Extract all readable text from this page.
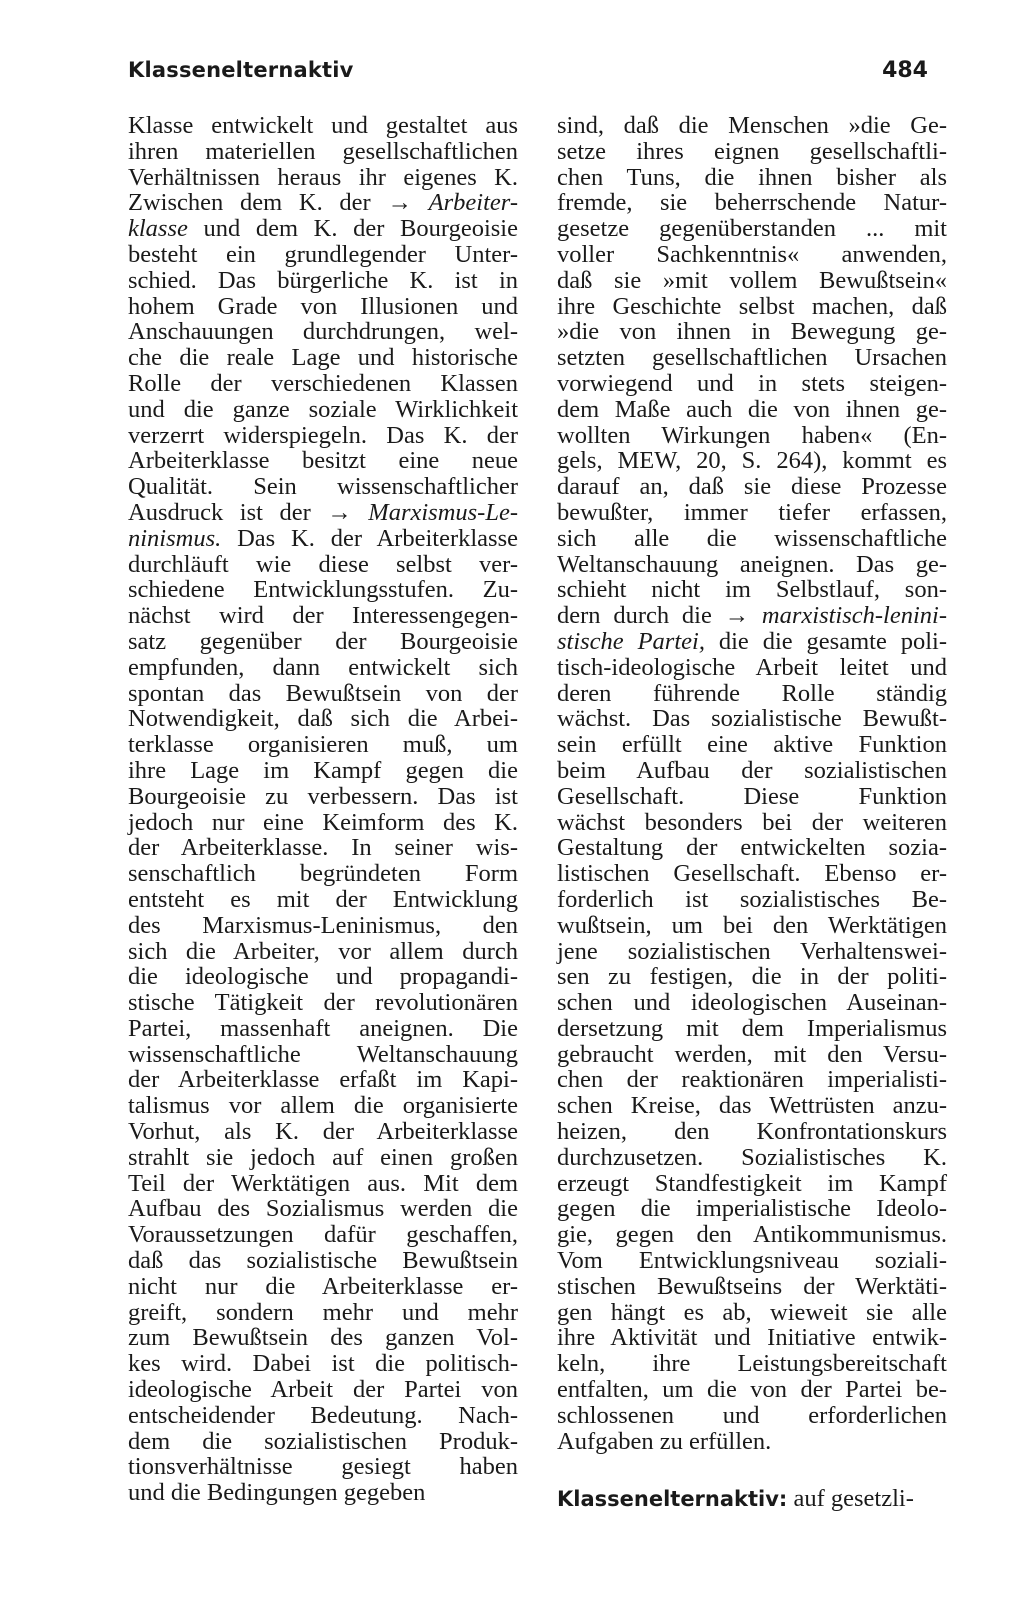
Klassenelternaktiv	484
Klasse entwickelt und gestaltet aus
ihren materiellen gesellschaftlichen
Verhältnissen heraus ihr eigenes K.
Zwischen dem K. der → Arbeiter-
klasse und dem K. der Bourgeoisie
besteht ein grundlegender Unter-
schied. Das bürgerliche K. ist in
hohem Grade von Illusionen und
Anschauungen durchdrungen, wel-
che die reale Lage und historische
Rolle der verschiedenen Klassen
und die ganze soziale Wirklichkeit
verzerrt widerspiegeln. Das K. der
Arbeiterklasse besitzt eine neue
Qualität. Sein wissenschaftlicher
Ausdruck ist der → Marxismus-Le-
ninismus. Das K. der Arbeiterklasse
durchläuft wie diese selbst ver-
schiedene Entwicklungsstufen. Zu-
nächst wird der Interessengegen-
satz gegenüber der Bourgeoisie
empfunden, dann entwickelt sich
spontan das Bewußtsein von der
Notwendigkeit, daß sich die Arbei-
terklasse organisieren muß, um
ihre Lage im Kampf gegen die
Bourgeoisie zu verbessern. Das ist
jedoch nur eine Keimform des K.
der Arbeiterklasse. In seiner wis-
senschaftlich begründeten Form
entsteht es mit der Entwicklung
des Marxismus-Leninismus, den
sich die Arbeiter, vor allem durch
die ideologische und propagandi-
stische Tätigkeit der revolutionären
Partei, massenhaft aneignen. Die
wissenschaftliche Weltanschauung
der Arbeiterklasse erfaßt im Kapi-
talismus vor allem die organisierte
Vorhut, als K. der Arbeiterklasse
strahlt sie jedoch auf einen großen
Teil der Werktätigen aus. Mit dem
Aufbau des Sozialismus werden die
Voraussetzungen dafür geschaffen,
daß das sozialistische Bewußtsein
nicht nur die Arbeiterklasse er-
greift, sondern mehr und mehr
zum Bewußtsein des ganzen Vol-
kes wird. Dabei ist die politisch-
ideologische Arbeit der Partei von
entscheidender Bedeutung. Nach-
dem die sozialistischen Produk-
tionsverhältnisse gesiegt haben
und die Bedingungen gegeben
sind, daß die Menschen »die Ge-
setze ihres eignen gesellschaftli-
chen Tuns, die ihnen bisher als
fremde, sie beherrschende Natur-
gesetze gegenüberstanden ... mit
voller Sachkenntnis« anwenden,
daß sie »mit vollem Bewußtsein«
ihre Geschichte selbst machen, daß
»die von ihnen in Bewegung ge-
setzten gesellschaftlichen Ursachen
vorwiegend und in stets steigen-
dem Maße auch die von ihnen ge-
wollten Wirkungen haben« (En-
gels, MEW, 20, S. 264), kommt es
darauf an, daß sie diese Prozesse
bewußter, immer tiefer erfassen,
sich alle die wissenschaftliche
Weltanschauung aneignen. Das ge-
schieht nicht im Selbstlauf, son-
dern durch die → marxistisch-lenini-
stische Partei, die die gesamte poli-
tisch-ideologische Arbeit leitet und
deren führende Rolle ständig
wächst. Das sozialistische Bewußt-
sein erfüllt eine aktive Funktion
beim Aufbau der sozialistischen
Gesellschaft. Diese Funktion
wächst besonders bei der weiteren
Gestaltung der entwickelten sozia-
listischen Gesellschaft. Ebenso er-
forderlich ist sozialistisches Be-
wußtsein, um bei den Werktätigen
jene sozialistischen Verhaltenswei-
sen zu festigen, die in der politi-
schen und ideologischen Auseinan-
dersetzung mit dem Imperialismus
gebraucht werden, mit den Versu-
chen der reaktionären imperialisti-
schen Kreise, das Wettrüsten anzu-
heizen, den Konfrontationskurs
durchzusetzen. Sozialistisches K.
erzeugt Standfestigkeit im Kampf
gegen die imperialistische Ideolo-
gie, gegen den Antikommunismus.
Vom Entwicklungsniveau soziali-
stischen Bewußtseins der Werktäti-
gen hängt es ab, wieweit sie alle
ihre Aktivität und Initiative entwik-
keln, ihre Leistungsbereitschaft
entfalten, um die von der Partei be-
schlossenen und erforderlichen
Aufgaben zu erfüllen.
Klassenelternaktiv: auf gesetzli-
